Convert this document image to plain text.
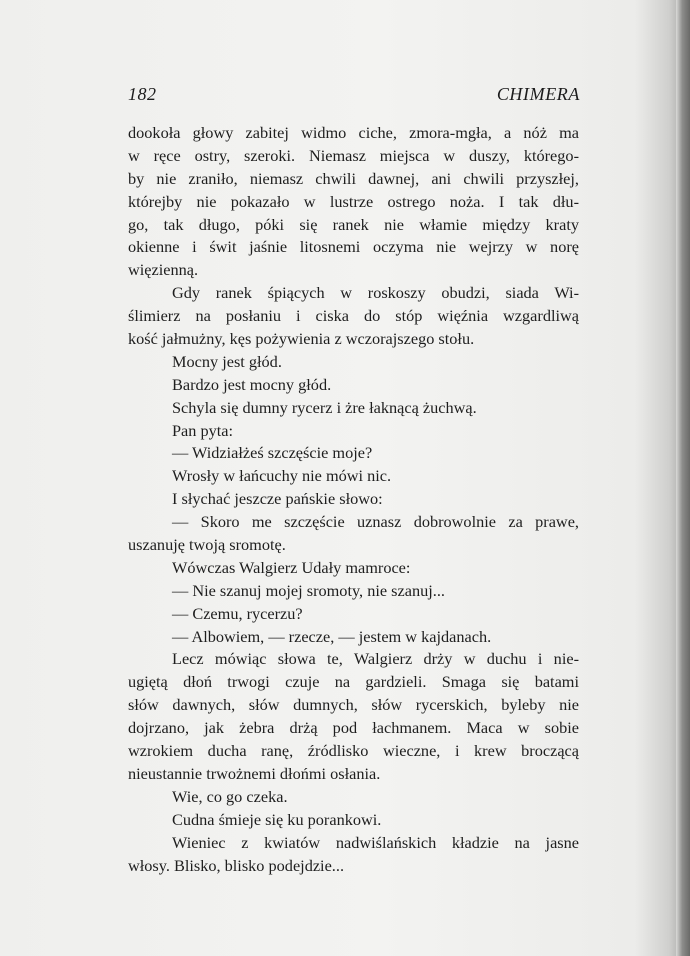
182	CHIMERA
dookoła głowy zabitej widmo ciche, zmora-mgła, a nóż ma
w ręce ostry, szeroki. Niemasz miejsca w duszy, którego-
by nie zraniło, niemasz chwili dawnej, ani chwili przyszłej,
którejby nie pokazało w lustrze ostrego noża. I tak dłu-
go, tak długo, póki się ranek nie włamie między kraty
okienne i świt jaśnie litosnemi oczyma nie wejrzy w norę
więzienną.
Gdy ranek śpiących w roskoszy obudzi, siada Wi-
ślimierz na posłaniu i ciska do stóp więźnia wzgardliwą
kość jałmużny, kęs pożywienia z wczorajszego stołu.
Mocny jest głód.
Bardzo jest mocny głód.
Schyla się dumny rycerz i żre łaknącą żuchwą.
Pan pyta:
— Widziałżeś szczęście moje?
Wrosły w łańcuchy nie mówi nic.
I słychać jeszcze pańskie słowo:
— Skoro me szczęście uznasz dobrowolnie za prawe,
uszanuję twoją sromotę.
Wówczas Walgierz Udały mamroce:
— Nie szanuj mojej sromoty, nie szanuj...
— Czemu, rycerzu?
— Albowiem, — rzecze, — jestem w kajdanach.
Lecz mówiąc słowa te, Walgierz drży w duchu i nie-
ugiętą dłoń trwogi czuje na gardzieli. Smaga się batami
słów dawnych, słów dumnych, słów rycerskich, byleby nie
dojrzano, jak żebra drżą pod łachmanem. Maca w sobie
wzrokiem ducha ranę, źródlisko wieczne, i krew broczącą
nieustannie trwożnemi dłońmi osłania.
Wie, co go czeka.
Cudna śmieje się ku porankowi.
Wieniec z kwiatów nadwiślańskich kładzie na jasne
włosy. Blisko, blisko podejdzie...
